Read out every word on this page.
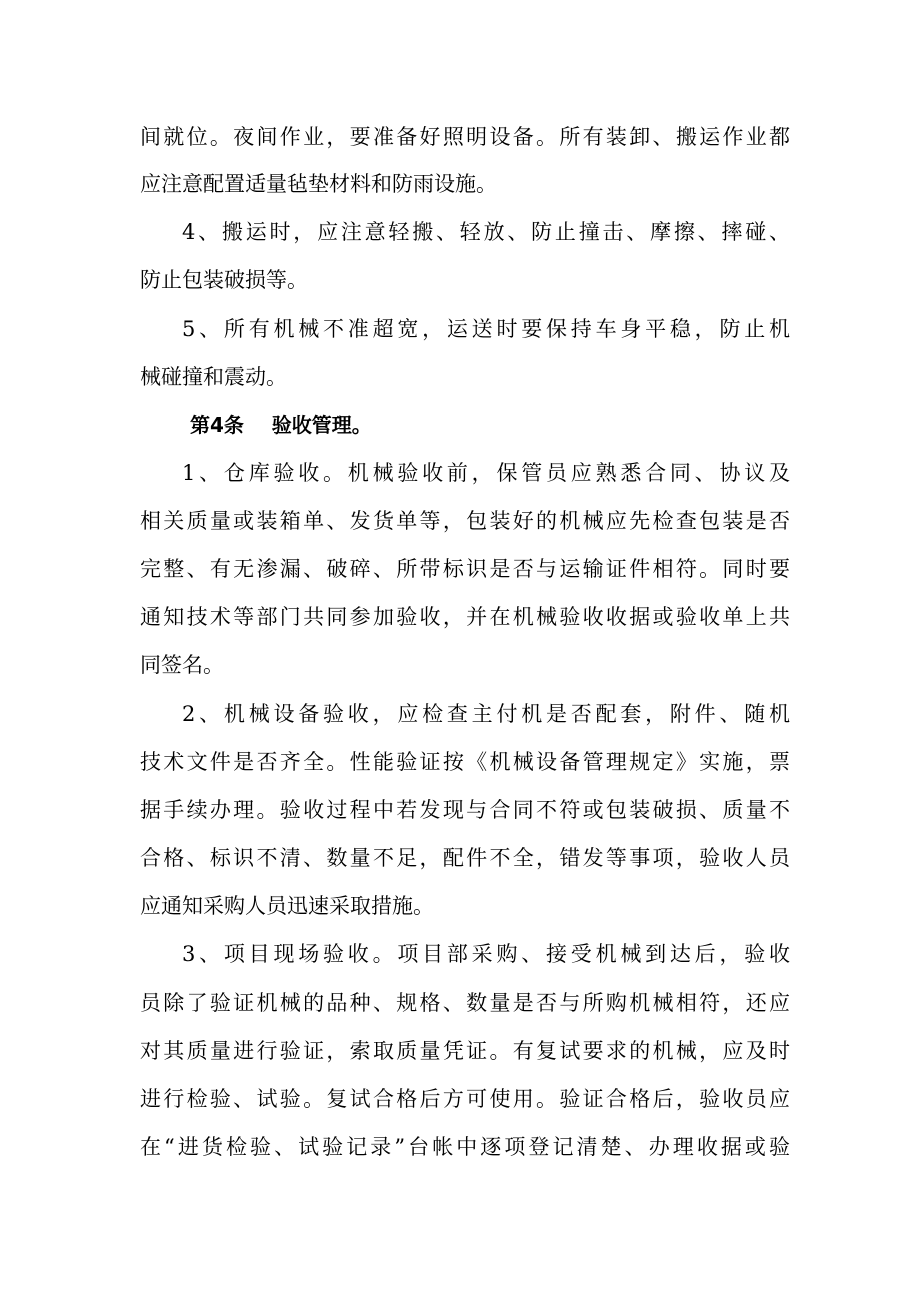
间就位。夜间作业，要准备好照明设备。所有装卸、搬运作业都
应注意配置适量毡垫材料和防雨设施。
4、搬运时，应注意轻搬、轻放、防止撞击、摩擦、摔碰、
防止包装破损等。
5、所有机械不准超宽，运送时要保持车身平稳，防止机
械碰撞和震动。
第4条    验收管理。
1、仓库验收。机械验收前，保管员应熟悉合同、协议及
相关质量或装箱单、发货单等，包装好的机械应先检查包装是否
完整、有无渗漏、破碎、所带标识是否与运输证件相符。同时要
通知技术等部门共同参加验收，并在机械验收收据或验收单上共
同签名。
2、机械设备验收，应检查主付机是否配套，附件、随机
技术文件是否齐全。性能验证按《机械设备管理规定》实施，票
据手续办理。验收过程中若发现与合同不符或包装破损、质量不
合格、标识不清、数量不足，配件不全，错发等事项，验收人员
应通知采购人员迅速采取措施。
3、项目现场验收。项目部采购、接受机械到达后，验收
员除了验证机械的品种、规格、数量是否与所购机械相符，还应
对其质量进行验证，索取质量凭证。有复试要求的机械，应及时
进行检验、试验。复试合格后方可使用。验证合格后，验收员应
在“进货检验、试验记录”台帐中逐项登记清楚、办理收据或验
